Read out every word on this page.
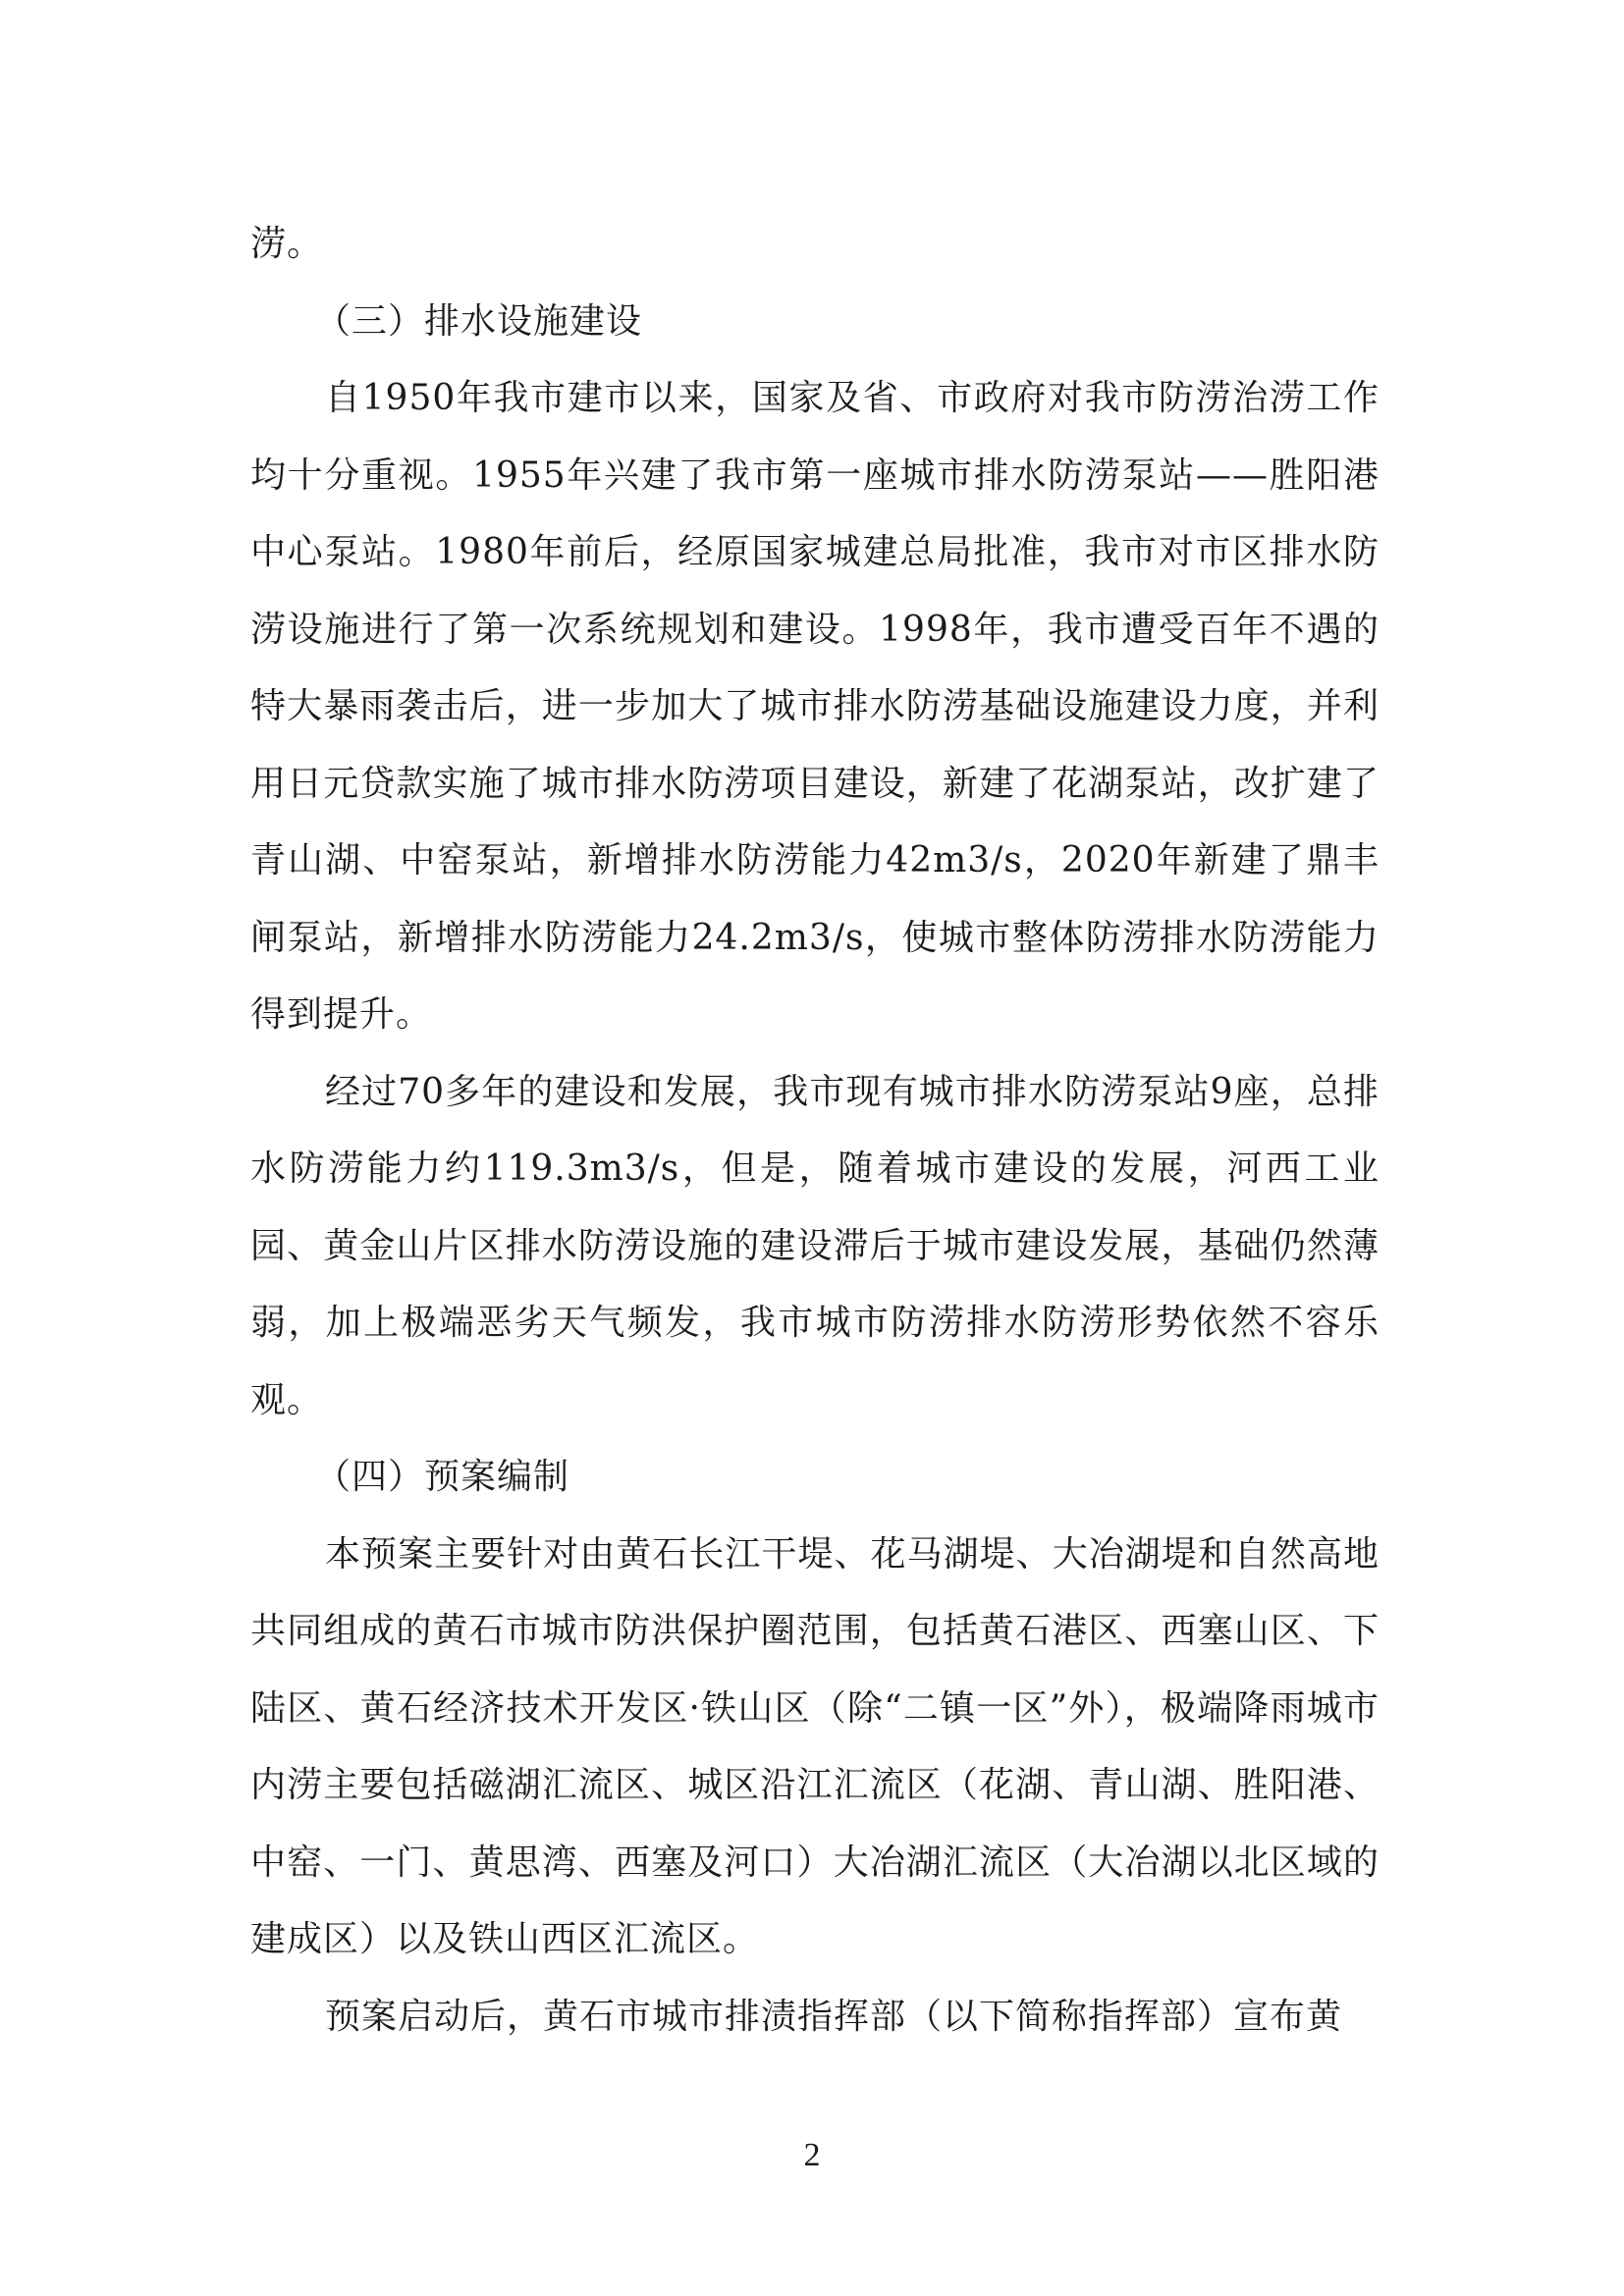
涝。

（三）排水设施建设

自1950年我市建市以来，国家及省、市政府对我市防涝治涝工作均十分重视。1955年兴建了我市第一座城市排水防涝泵站——胜阳港中心泵站。1980年前后，经原国家城建总局批准，我市对市区排水防涝设施进行了第一次系统规划和建设。1998年，我市遭受百年不遇的特大暴雨袭击后，进一步加大了城市排水防涝基础设施建设力度，并利用日元贷款实施了城市排水防涝项目建设，新建了花湖泵站，改扩建了青山湖、中窑泵站，新增排水防涝能力42m3/s，2020年新建了鼎丰闸泵站，新增排水防涝能力24.2m3/s，使城市整体防涝排水防涝能力得到提升。

经过70多年的建设和发展，我市现有城市排水防涝泵站9座，总排水防涝能力约119.3m3/s，但是，随着城市建设的发展，河西工业园、黄金山片区排水防涝设施的建设滞后于城市建设发展，基础仍然薄弱，加上极端恶劣天气频发，我市城市防涝排水防涝形势依然不容乐观。

（四）预案编制

本预案主要针对由黄石长江干堤、花马湖堤、大冶湖堤和自然高地共同组成的黄石市城市防洪保护圈范围，包括黄石港区、西塞山区、下陆区、黄石经济技术开发区·铁山区（除“二镇一区”外），极端降雨城市内涝主要包括磁湖汇流区、城区沿江汇流区（花湖、青山湖、胜阳港、中窑、一门、黄思湾、西塞及河口）大冶湖汇流区（大冶湖以北区域的建成区）以及铁山西区汇流区。

预案启动后，黄石市城市排渍指挥部（以下简称指挥部）宣布黄

2
